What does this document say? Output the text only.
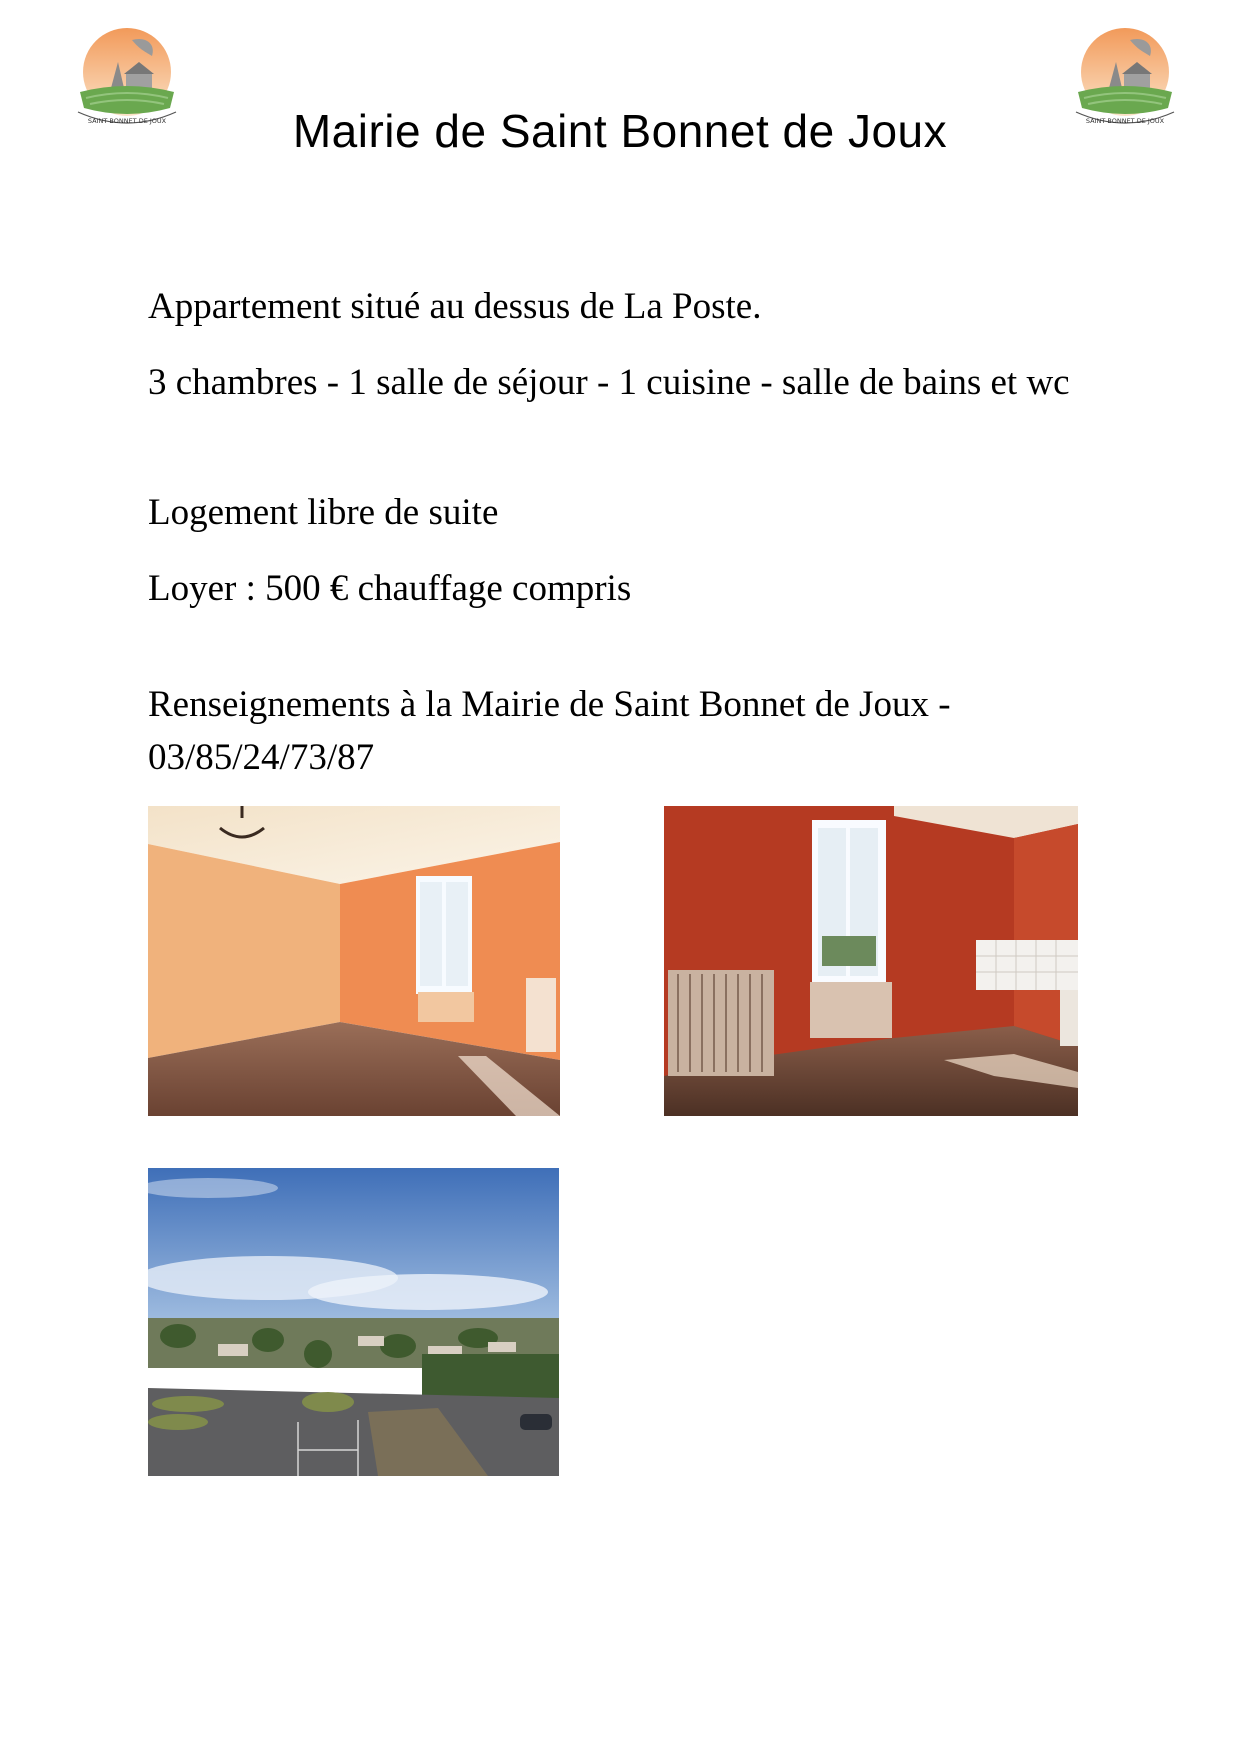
SAINT BONNET DE JOUX	SAINT BONNET DE JOUX
Mairie de Saint Bonnet de Joux
Appartement situé au dessus de La Poste.
3 chambres - 1 salle de séjour - 1 cuisine - salle de bains et wc
Logement libre de suite
Loyer : 500 € chauffage compris
Renseignements à la Mairie de Saint Bonnet de Joux - 03/85/24/73/87
